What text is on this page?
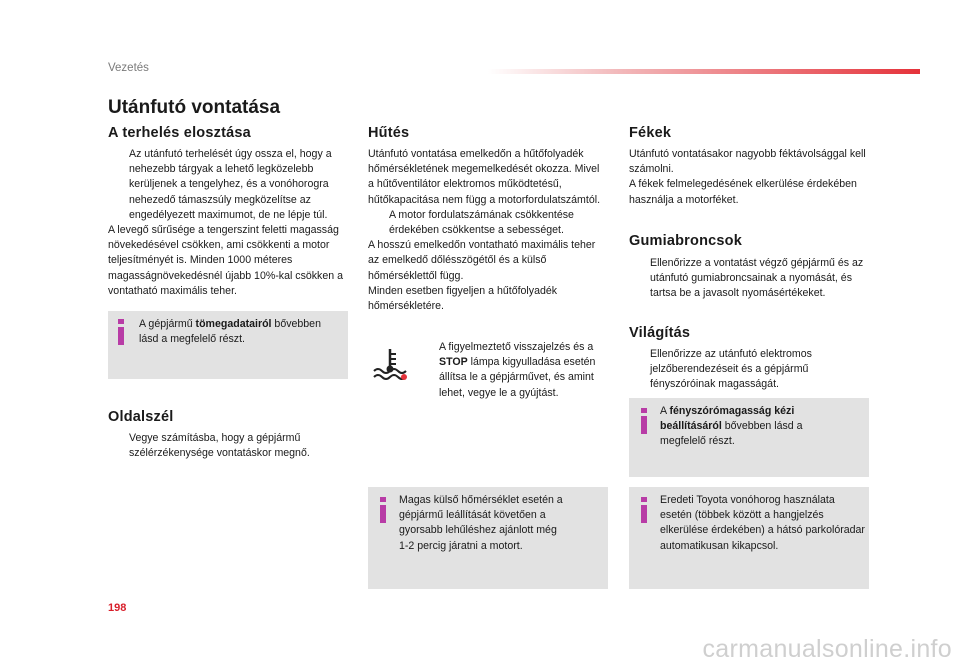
Vezetés
Utánfutó vontatása
A terhelés elosztása
Az utánfutó terhelését úgy ossza el, hogy a nehezebb tárgyak a lehető legközelebb kerüljenek a tengelyhez, és a vonóhorogra nehezedő támaszsúly megközelítse az engedélyezett maximumot, de ne lépje túl.

A levegő sűrűsége a tengerszint feletti magasság növekedésével csökken, ami csökkenti a motor teljesítményét is. Minden 1000 méteres magasságnövekedésnél újabb 10%-kal csökken a vontatható maximális teher.

A gépjármű tömegadatairól bővebben lásd a megfelelő részt.
Oldalszél
Vegye számításba, hogy a gépjármű szélérzékenysége vontatáskor megnő.
Hűtés

Utánfutó vontatása emelkedőn a hűtőfolyadék hőmérsékletének megemelkedését okozza. Mivel a hűtőventilátor elektromos működtetésű, hűtőkapacitása nem függ a motorfordulatszámtól.

A motor fordulatszámának csökkentése érdekében csökkentse a sebességet.

A hosszú emelkedőn vontatható maximális teher az emelkedő dőlésszögétől és a külső hőmérséklettől függ.

Minden esetben figyeljen a hűtőfolyadék hőmérsékletére.

A figyelmeztető visszajelzés és a STOP lámpa kigyulladása esetén állítsa le a gépjárművet, és amint lehet, vegye le a gyújtást.
Magas külső hőmérséklet esetén a gépjármű leállítását követően a gyorsabb lehűléshez ajánlott még 1-2 percig járatni a motort.
Fékek

Utánfutó vontatásakor nagyobb féktávolsággal kell számolni.

A fékek felmelegedésének elkerülése érdekében használja a motorféket.

Gumiabroncsok
Ellenőrizze a vontatást végző gépjármű és az utánfutó gumiabroncsainak a nyomását, és tartsa be a javasolt nyomásértékeket.
Világítás
Ellenőrizze az utánfutó elektromos jelzőberendezéseit és a gépjármű fényszóróinak magasságát.
A fényszórómagasság kézi beállításáról bővebben lásd a megfelelő részt.
Eredeti Toyota vonóhorog használata esetén (többek között a hangjelzés elkerülése érdekében) a hátsó parkolóradar automatikusan kikapcsol.
198
carmanualsonline.info
